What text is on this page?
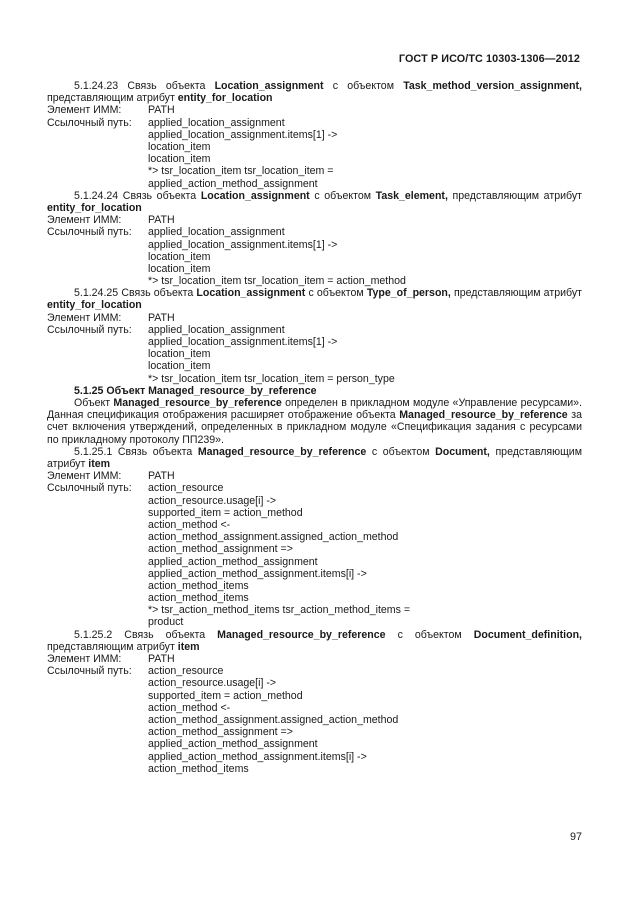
ГОСТ Р ИСО/ТС 10303-1306—2012
5.1.24.23 Связь объекта Location_assignment с объектом Task_method_version_assignment, представляющим атрибут entity_for_location
Элемент ИММ:	PATH
Ссылочный путь:	applied_location_assignment
applied_location_assignment.items[1] ->
location_item
location_item
*> tsr_location_item tsr_location_item =
applied_action_method_assignment
5.1.24.24 Связь объекта Location_assignment с объектом Task_element, представляющим атрибут entity_for_location
Элемент ИММ:	PATH
Ссылочный путь:	applied_location_assignment
applied_location_assignment.items[1] ->
location_item
location_item
*> tsr_location_item tsr_location_item = action_method
5.1.24.25 Связь объекта Location_assignment с объектом Type_of_person, представляющим атрибут entity_for_location
Элемент ИММ:	PATH
Ссылочный путь:	applied_location_assignment
applied_location_assignment.items[1] ->
location_item
location_item
*> tsr_location_item tsr_location_item = person_type
5.1.25 Объект Managed_resource_by_reference
Объект Managed_resource_by_reference определен в прикладном модуле «Управление ресурсами». Данная спецификация отображения расширяет отображение объекта Managed_resource_by_reference за счет включения утверждений, определенных в прикладном модуле «Спецификация задания с ресурсами по прикладному протоколу ПП239».
5.1.25.1 Связь объекта Managed_resource_by_reference с объектом Document, представляющим атрибут item
Элемент ИММ:	PATH
Ссылочный путь:	action_resource
action_resource.usage[i] ->
supported_item = action_method
action_method <-
action_method_assignment.assigned_action_method
action_method_assignment =>
applied_action_method_assignment
applied_action_method_assignment.items[i] ->
action_method_items
action_method_items
*> tsr_action_method_items tsr_action_method_items =
product
5.1.25.2 Связь объекта Managed_resource_by_reference с объектом Document_definition, представляющим атрибут item
Элемент ИММ:	PATH
Ссылочный путь:	action_resource
action_resource.usage[i] ->
supported_item = action_method
action_method <-
action_method_assignment.assigned_action_method
action_method_assignment =>
applied_action_method_assignment
applied_action_method_assignment.items[i] ->
action_method_items
97
